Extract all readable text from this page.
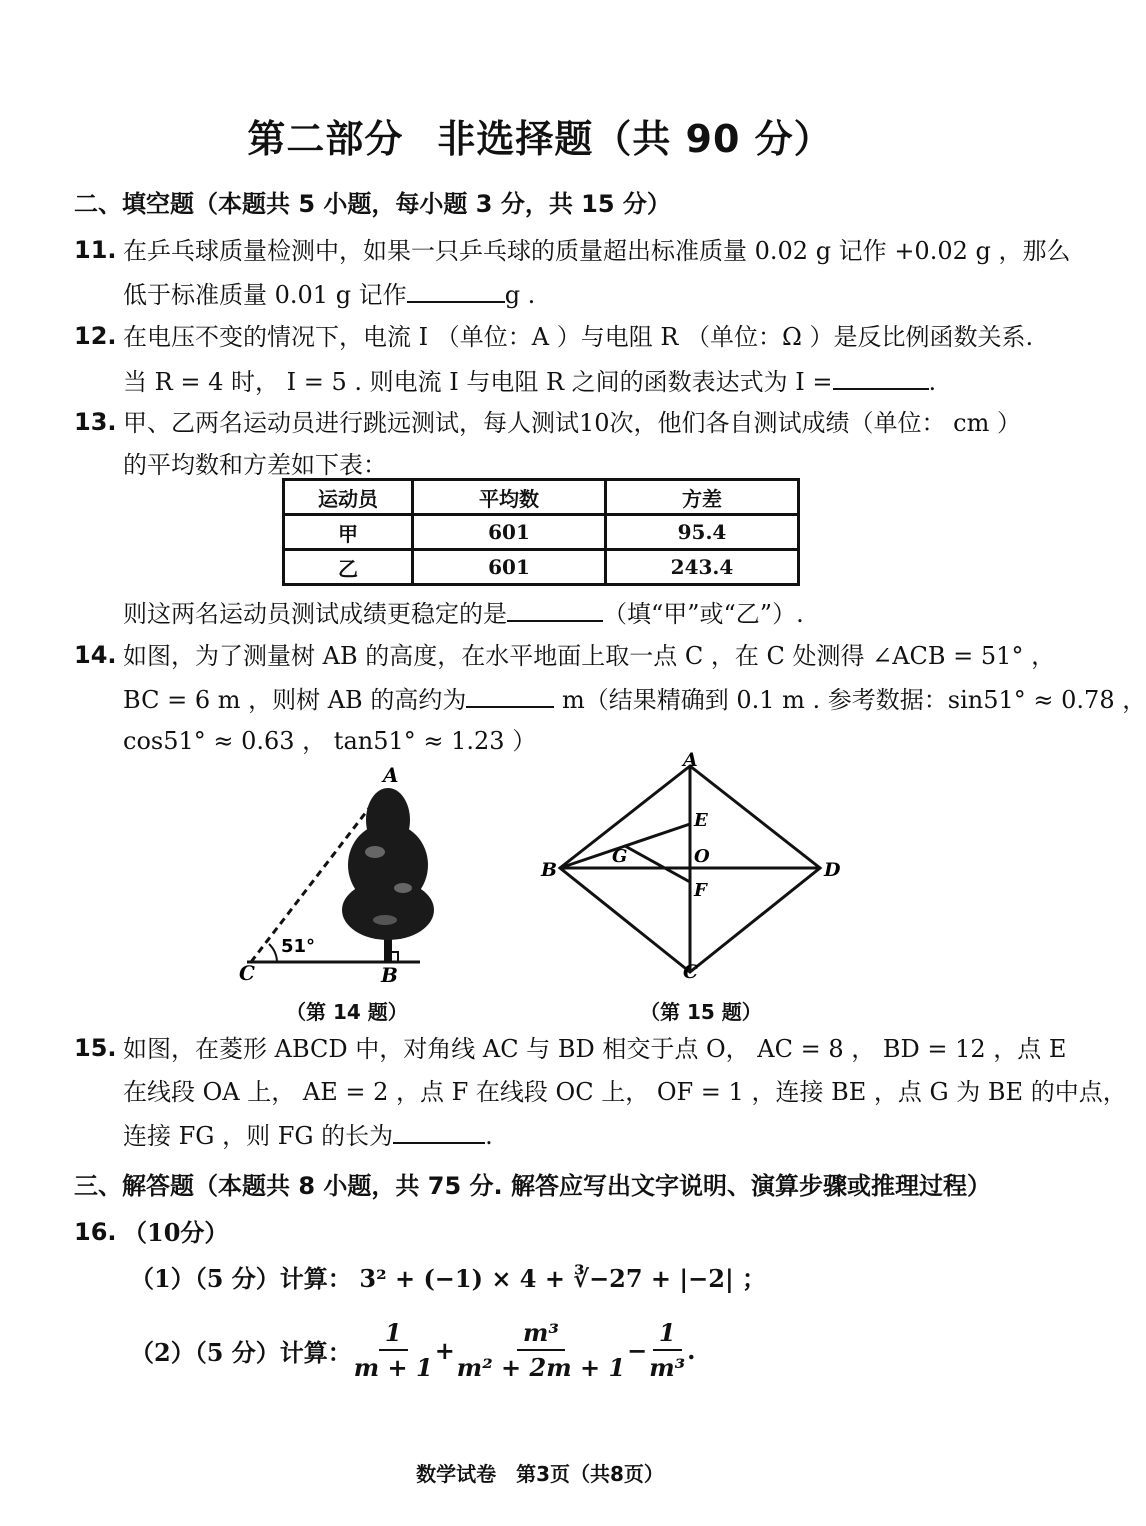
第二部分 非选择题（共 90 分）
二、填空题（本题共 5 小题，每小题 3 分，共 15 分）
11. 在乒乓球质量检测中，如果一只乒乓球的质量超出标准质量 0.02 g 记作 +0.02 g ，那么
低于标准质量 0.01 g 记作	g .
12. 在电压不变的情况下，电流 I （单位：A ）与电阻 R （单位：Ω ）是反比例函数关系.
当 R = 4 时， I = 5 . 则电流 I 与电阻 R 之间的函数表达式为 I =	.
13. 甲、乙两名运动员进行跳远测试，每人测试10次，他们各自测试成绩（单位： cm ）
的平均数和方差如下表：
运动员	平均数	方差
甲	601	95.4
乙	601	243.4
则这两名运动员测试成绩更稳定的是	（填“甲”或“乙”）.
14. 如图，为了测量树 AB 的高度，在水平地面上取一点 C ，在 C 处测得 ∠ACB = 51° ，
BC = 6 m ，则树 AB 的高约为	m（结果精确到 0.1 m . 参考数据：sin51° ≈ 0.78 ，
cos51° ≈ 0.63 ， tan51° ≈ 1.23 ）
A
B
C
51°
（第 14 题）
A
B
C
D
E
F
G	O
（第 15 题）
15. 如图，在菱形 ABCD 中，对角线 AC 与 BD 相交于点 O， AC = 8 ， BD = 12 ，点 E
在线段 OA 上， AE = 2 ，点 F 在线段 OC 上， OF = 1 ，连接 BE ，点 G 为 BE 的中点，
连接 FG ，则 FG 的长为	.
三、解答题（本题共 8 小题，共 75 分. 解答应写出文字说明、演算步骤或推理过程）
16. （10分）
（1）（5 分）计算： 3² + (−1) × 4 + ∛−27 + |−2| ；
（2）（5 分）计算： $\frac{1}{m + 1} + \frac{\text{m³}}{\text{m² + 2m + 1}} - \frac{1}{\text{m³}}$ .
数学试卷　第3页（共8页）
